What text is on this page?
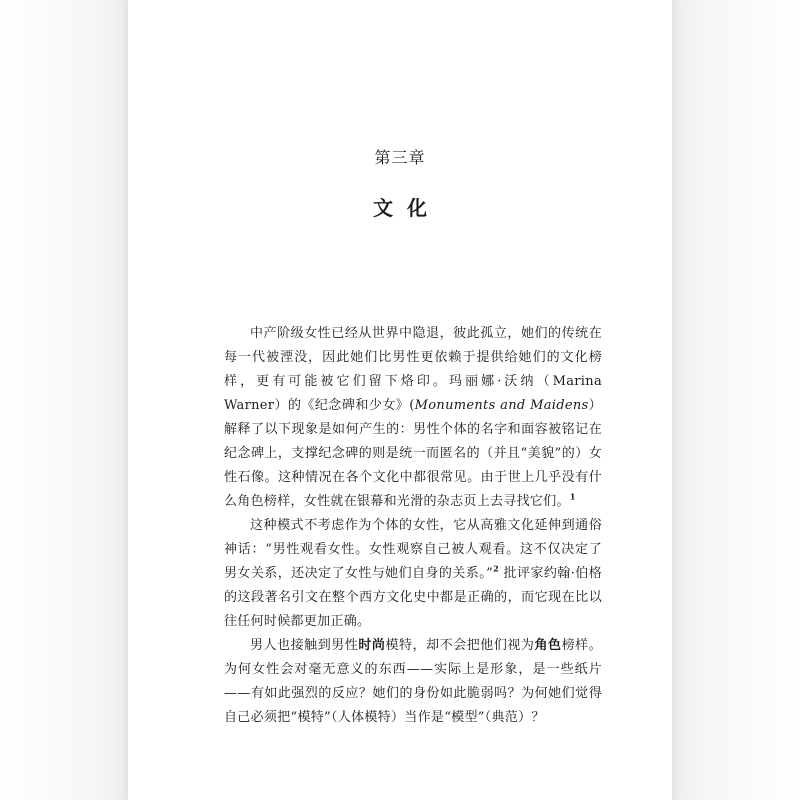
第三章
文化

中产阶级女性已经从世界中隐退，彼此孤立，她们的传统在每一代被湮没，因此她们比男性更依赖于提供给她们的文化榜样，更有可能被它们留下烙印。玛丽娜·沃纳（Marina Warner）的《纪念碑和少女》(Monuments and Maidens）解释了以下现象是如何产生的：男性个体的名字和面容被铭记在纪念碑上，支撑纪念碑的则是统一而匿名的（并且“美貌”的）女性石像。这种情况在各个文化中都很常见。由于世上几乎没有什么角色榜样，女性就在银幕和光滑的杂志页上去寻找它们。$^1$

这种模式不考虑作为个体的女性，它从高雅文化延伸到通俗神话：“男性观看女性。女性观察自己被人观看。这不仅决定了男女关系，还决定了女性与她们自身的关系。”$^2$ 批评家约翰·伯格的这段著名引文在整个西方文化史中都是正确的，而它现在比以往任何时候都更加正确。

男人也接触到男性时尚模特，却不会把他们视为角色榜样。为何女性会对毫无意义的东西——实际上是形象，是一些纸片——有如此强烈的反应？她们的身份如此脆弱吗？为何她们觉得自己必须把“模特”（人体模特）当作是“模型”（典范）？
